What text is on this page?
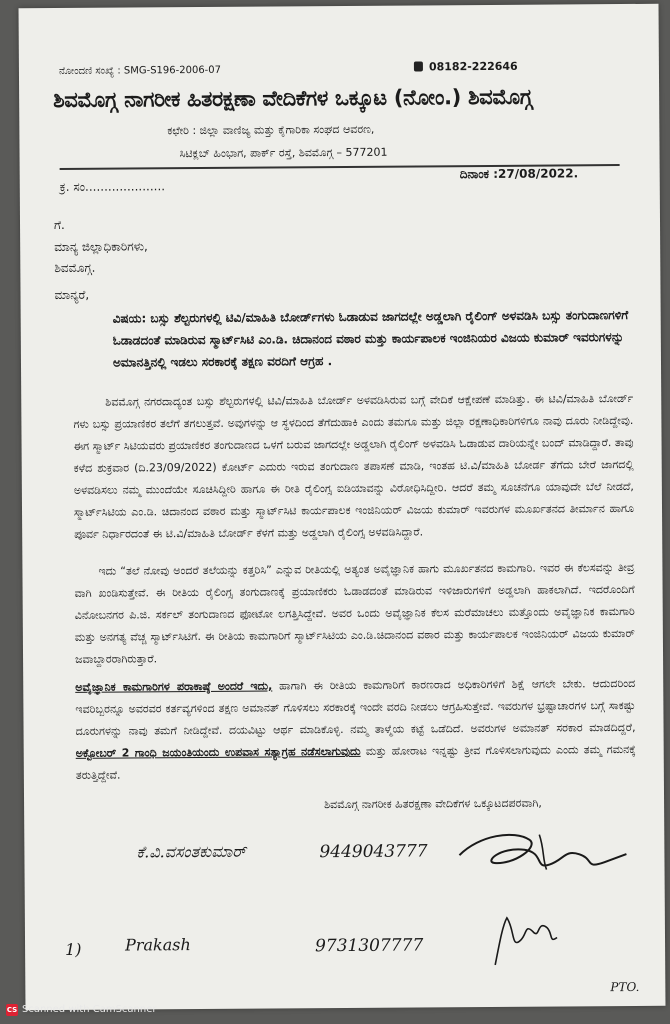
ನೋಂದಣಿ ಸಂಖ್ಯೆ : SMG-S196-2006-07	08182-222646
ಶಿವಮೊಗ್ಗ ನಾಗರೀಕ ಹಿತರಕ್ಷಣಾ ವೇದಿಕೆಗಳ ಒಕ್ಕೂಟ (ನೋಂ.) ಶಿವಮೊಗ್ಗ
ಕಛೇರಿ : ಜಿಲ್ಲಾ ವಾಣಿಜ್ಯ ಮತ್ತು ಕೈಗಾರಿಕಾ ಸಂಘದ ಆವರಣ,
ಸಿಟಿಕ್ಲಬ್ ಹಿಂಭಾಗ, ಪಾರ್ಕ್ ರಸ್ತೆ, ಶಿವಮೊಗ್ಗ – 577201
ಕ್ರ. ಸಂ.....................
ದಿನಾಂಕ :27/08/2022.
ಗೆ.
ಮಾನ್ಯ ಜಿಲ್ಲಾಧಿಕಾರಿಗಳು,
ಶಿವಮೊಗ್ಗ.
ಮಾನ್ಯರೆ,
ವಿಷಯ: ಬಸ್ಸು ಶೆಲ್ಟರುಗಳಲ್ಲಿ ಟಿವಿ/ಮಾಹಿತಿ ಬೋರ್ಡ್‌ಗಳು ಓಡಾಡುವ ಜಾಗದಲ್ಲೇ ಅಡ್ಡಲಾಗಿ ರೈಲಿಂಗ್ ಅಳವಡಿಸಿ ಬಸ್ಸು ತಂಗುದಾಣಗಳಿಗೆ ಓಡಾಡದಂತೆ ಮಾಡಿರುವ ಸ್ಮಾರ್ಟ್‌ಸಿಟಿ ಎಂ.ಡಿ. ಚಿದಾನಂದ ವಠಾರ ಮತ್ತು ಕಾರ್ಯಪಾಲಕ ಇಂಜಿನಿಯರ ವಿಜಯ ಕುಮಾರ್ ಇವರುಗಳನ್ನು ಅಮಾನತ್ತಿನಲ್ಲಿ ಇಡಲು ಸರಕಾರಕ್ಕೆ ತಕ್ಷಣ ವರದಿಗೆ ಆಗ್ರಹ .
ಶಿವಮೊಗ್ಗ ನಗರದಾದ್ಯಂತ ಬಸ್ಸು ಶೆಲ್ಟರುಗಳಲ್ಲಿ ಟಿವಿ/ಮಾಹಿತಿ ಬೋರ್ಡ್ ಅಳವಡಿಸಿರುವ ಬಗ್ಗೆ ವೇದಿಕೆ ಆಕ್ಷೇಪಣೆ ಮಾಡಿತ್ತು. ಈ ಟಿವಿ/ಮಾಹಿತಿ ಬೋರ್ಡ್ ಗಳು ಬಸ್ಸು ಪ್ರಯಾಣಿಕರ ತಲೆಗೆ ತಗಲುತ್ತವೆ. ಅವುಗಳನ್ನು ಆ ಸ್ಥಳದಿಂದ ತೆಗೆದುಹಾಕಿ ಎಂದು ತಮಗೂ ಮತ್ತು ಜಿಲ್ಲಾ ರಕ್ಷಣಾಧಿಕಾರಿಗಳಿಗೂ ನಾವು ದೂರು ನೀಡಿದ್ದೇವು. ಈಗ ಸ್ಮಾರ್ಟ್ ಸಿಟಿಯವರು ಪ್ರಯಾಣಿಕರ ತಂಗುದಾಣದ ಒಳಗೆ ಬರುವ ಜಾಗದಲ್ಲೇ ಅಡ್ಡಲಾಗಿ ರೈಲಿಂಗ್ ಅಳವಡಿಸಿ ಓಡಾಡುವ ದಾರಿಯನ್ನೇ ಬಂದ್ ಮಾಡಿದ್ದಾರೆ. ತಾವು ಕಳೆದ ಶುಕ್ರವಾರ (ದಿ.23/09/2022) ಕೋರ್ಟ್ ಎದುರು ಇರುವ ತಂಗುದಾಣ ತಪಾಸಣೆ ಮಾಡಿ, ಇಂತಹ ಟಿ.ವಿ/ಮಾಹಿತಿ ಬೋರ್ಡ ತೆಗೆದು ಬೇರೆ ಜಾಗದಲ್ಲಿ ಅಳವಡಿಸಲು ನಮ್ಮ ಮುಂದೆಯೇ ಸೂಚಿಸಿದ್ದೀರಿ ಹಾಗೂ ಈ ರೀತಿ ರೈಲಿಂಗ್ಸ ಐಡಿಯಾವನ್ನು ವಿರೋಧಿಸಿದ್ದೀರಿ. ಆದರೆ ತಮ್ಮ ಸೂಚನೆಗೂ ಯಾವುದೇ ಬೆಲೆ ನೀಡದೆ, ಸ್ಮಾರ್ಟ್‌ಸಿಟಿಯ ಎಂ.ಡಿ. ಚಿದಾನಂದ ವಠಾರ ಮತ್ತು ಸ್ಮಾರ್ಟ್‌ಸಿಟಿ ಕಾರ್ಯಪಾಲಕ ಇಂಜಿನಿಯರ್ ವಿಜಯ ಕುಮಾರ್ ಇವರುಗಳ ಮೂರ್ಖತನದ ತೀರ್ಮಾನ ಹಾಗೂ ಪೂರ್ವ ನಿರ್ಧಾರದಂತೆ ಈ ಟಿ.ವಿ/ಮಾಹಿತಿ ಬೋರ್ಡ್ ಕೆಳಗೆ ಮತ್ತು ಅಡ್ಡಲಾಗಿ ರೈಲಿಂಗ್ಸ ಅಳವಡಿಸಿದ್ದಾರೆ.
ಇದು “ತಲೆ ನೋವು ಅಂದರೆ ತಲೆಯನ್ನು ಕತ್ತರಿಸಿ” ಎನ್ನುವ ರೀತಿಯಲ್ಲಿ ಅತ್ಯಂತ ಅವೈಜ್ಞಾನಿಕ ಹಾಗು ಮೂರ್ಖತನದ ಕಾಮಗಾರಿ. ಇವರ ಈ ಕೆಲಸವನ್ನು ತೀವ್ರ ವಾಗಿ ಖಂಡಿಸುತ್ತೇವೆ. ಈ ರೀತಿಯ ರೈಲಿಂಗ್ಸ ತಂಗುದಾಣಕ್ಕೆ ಪ್ರಯಾಣಿಕರು ಓಡಾಡದಂತೆ ಮಾಡಿರುವ ಇಳಿಜಾರುಗಳಿಗೆ ಅಡ್ಡಲಾಗಿ ಹಾಕಲಾಗಿದೆ. ಇದರೊಂದಿಗೆ ವಿನೋಬನಗರ ಪಿ.ಜಿ. ಸರ್ಕಲ್ ತಂಗುದಾಣದ ಫೋಟೋ ಲಗತ್ತಿಸಿದ್ದೇವೆ. ಅವರ ಒಂದು ಅವೈಜ್ಞಾನಿಕ ಕೆಲಸ ಮರೆಮಾಚಲು ಮತ್ತೊಂದು ಅವೈಜ್ಞಾನಿಕ ಕಾಮಗಾರಿ ಮತ್ತು ಅನಗತ್ಯ ವೆಚ್ಚ ಸ್ಮಾರ್ಟ್‌ಸಿಟಿಗೆ. ಈ ರೀತಿಯ ಕಾಮಗಾರಿಗೆ ಸ್ಮಾರ್ಟ್‌ಸಿಟಿಯ ಎಂ.ಡಿ.ಚಿದಾನಂದ ವಠಾರ ಮತ್ತು ಕಾರ್ಯಪಾಲಕ ಇಂಜಿನಿಯರ್ ವಿಜಯ ಕುಮಾರ್ ಜವಾಬ್ದಾರರಾಗಿರುತ್ತಾರೆ.
ಅವೈಜ್ಞಾನಿಕ ಕಾಮಗಾರಿಗಳ ಪರಾಕಾಷ್ಠೆ ಅಂದರೆ ಇದು, ಹಾಗಾಗಿ ಈ ರೀತಿಯ ಕಾಮಗಾರಿಗೆ ಕಾರಣರಾದ ಅಧಿಕಾರಿಗಳಿಗೆ ಶಿಕ್ಷೆ ಆಗಲೇ ಬೇಕು. ಆದುದರಿಂದ ಇವರಿಬ್ಬರನ್ನೂ ಅವರವರ ಕರ್ತವ್ಯಗಳಿಂದ ತಕ್ಷಣ ಅಮಾನತ್ ಗೊಳಿಸಲು ಸರಕಾರಕ್ಕೆ ಇಂದೇ ವರದಿ ನೀಡಲು ಆಗ್ರಹಿಸುತ್ತೇವೆ. ಇವರುಗಳ ಭ್ರಷ್ಟಾಚಾರಗಳ ಬಗ್ಗೆ ಸಾಕಷ್ಟು ದೂರುಗಳನ್ನು ನಾವು ತಮಗೆ ನೀಡಿದ್ದೇವೆ. ದಯವಿಟ್ಟು ಆರ್ಥ ಮಾಡಿಕೊಳ್ಳಿ. ನಮ್ಮ ತಾಳ್ಮೆಯ ಕಟ್ಟೆ ಒಡೆದಿದೆ. ಅವರುಗಳ ಅಮಾನತ್ ಸರಕಾರ ಮಾಡದಿದ್ದರೆ, ಅಕ್ಟೋಬರ್ 2 ಗಾಂಧಿ ಜಯಂತಿಯಂದು ಉಪವಾಸ ಸತ್ಯಾಗ್ರಹ ನಡೆಸಲಾಗುವುದು ಮತ್ತು ಹೋರಾಟ ಇನ್ನಷ್ಟು ತ್ರೀವ ಗೊಳಿಸಲಾಗುವುದು ಎಂದು ತಮ್ಮ ಗಮನಕ್ಕೆ ತರುತ್ತಿದ್ದೇವೆ.
ಶಿವಮೊಗ್ಗ ನಾಗರೀಕ ಹಿತರಕ್ಷಣಾ ವೇದಿಕೆಗಳ ಒಕ್ಕೂಟದಪರವಾಗಿ,
ಕೆ.ವಿ.ವಸಂತಕುಮಾರ್	9449043777
1)	Prakash	9731307777
PTO.
CS Scanned with CamScanner
